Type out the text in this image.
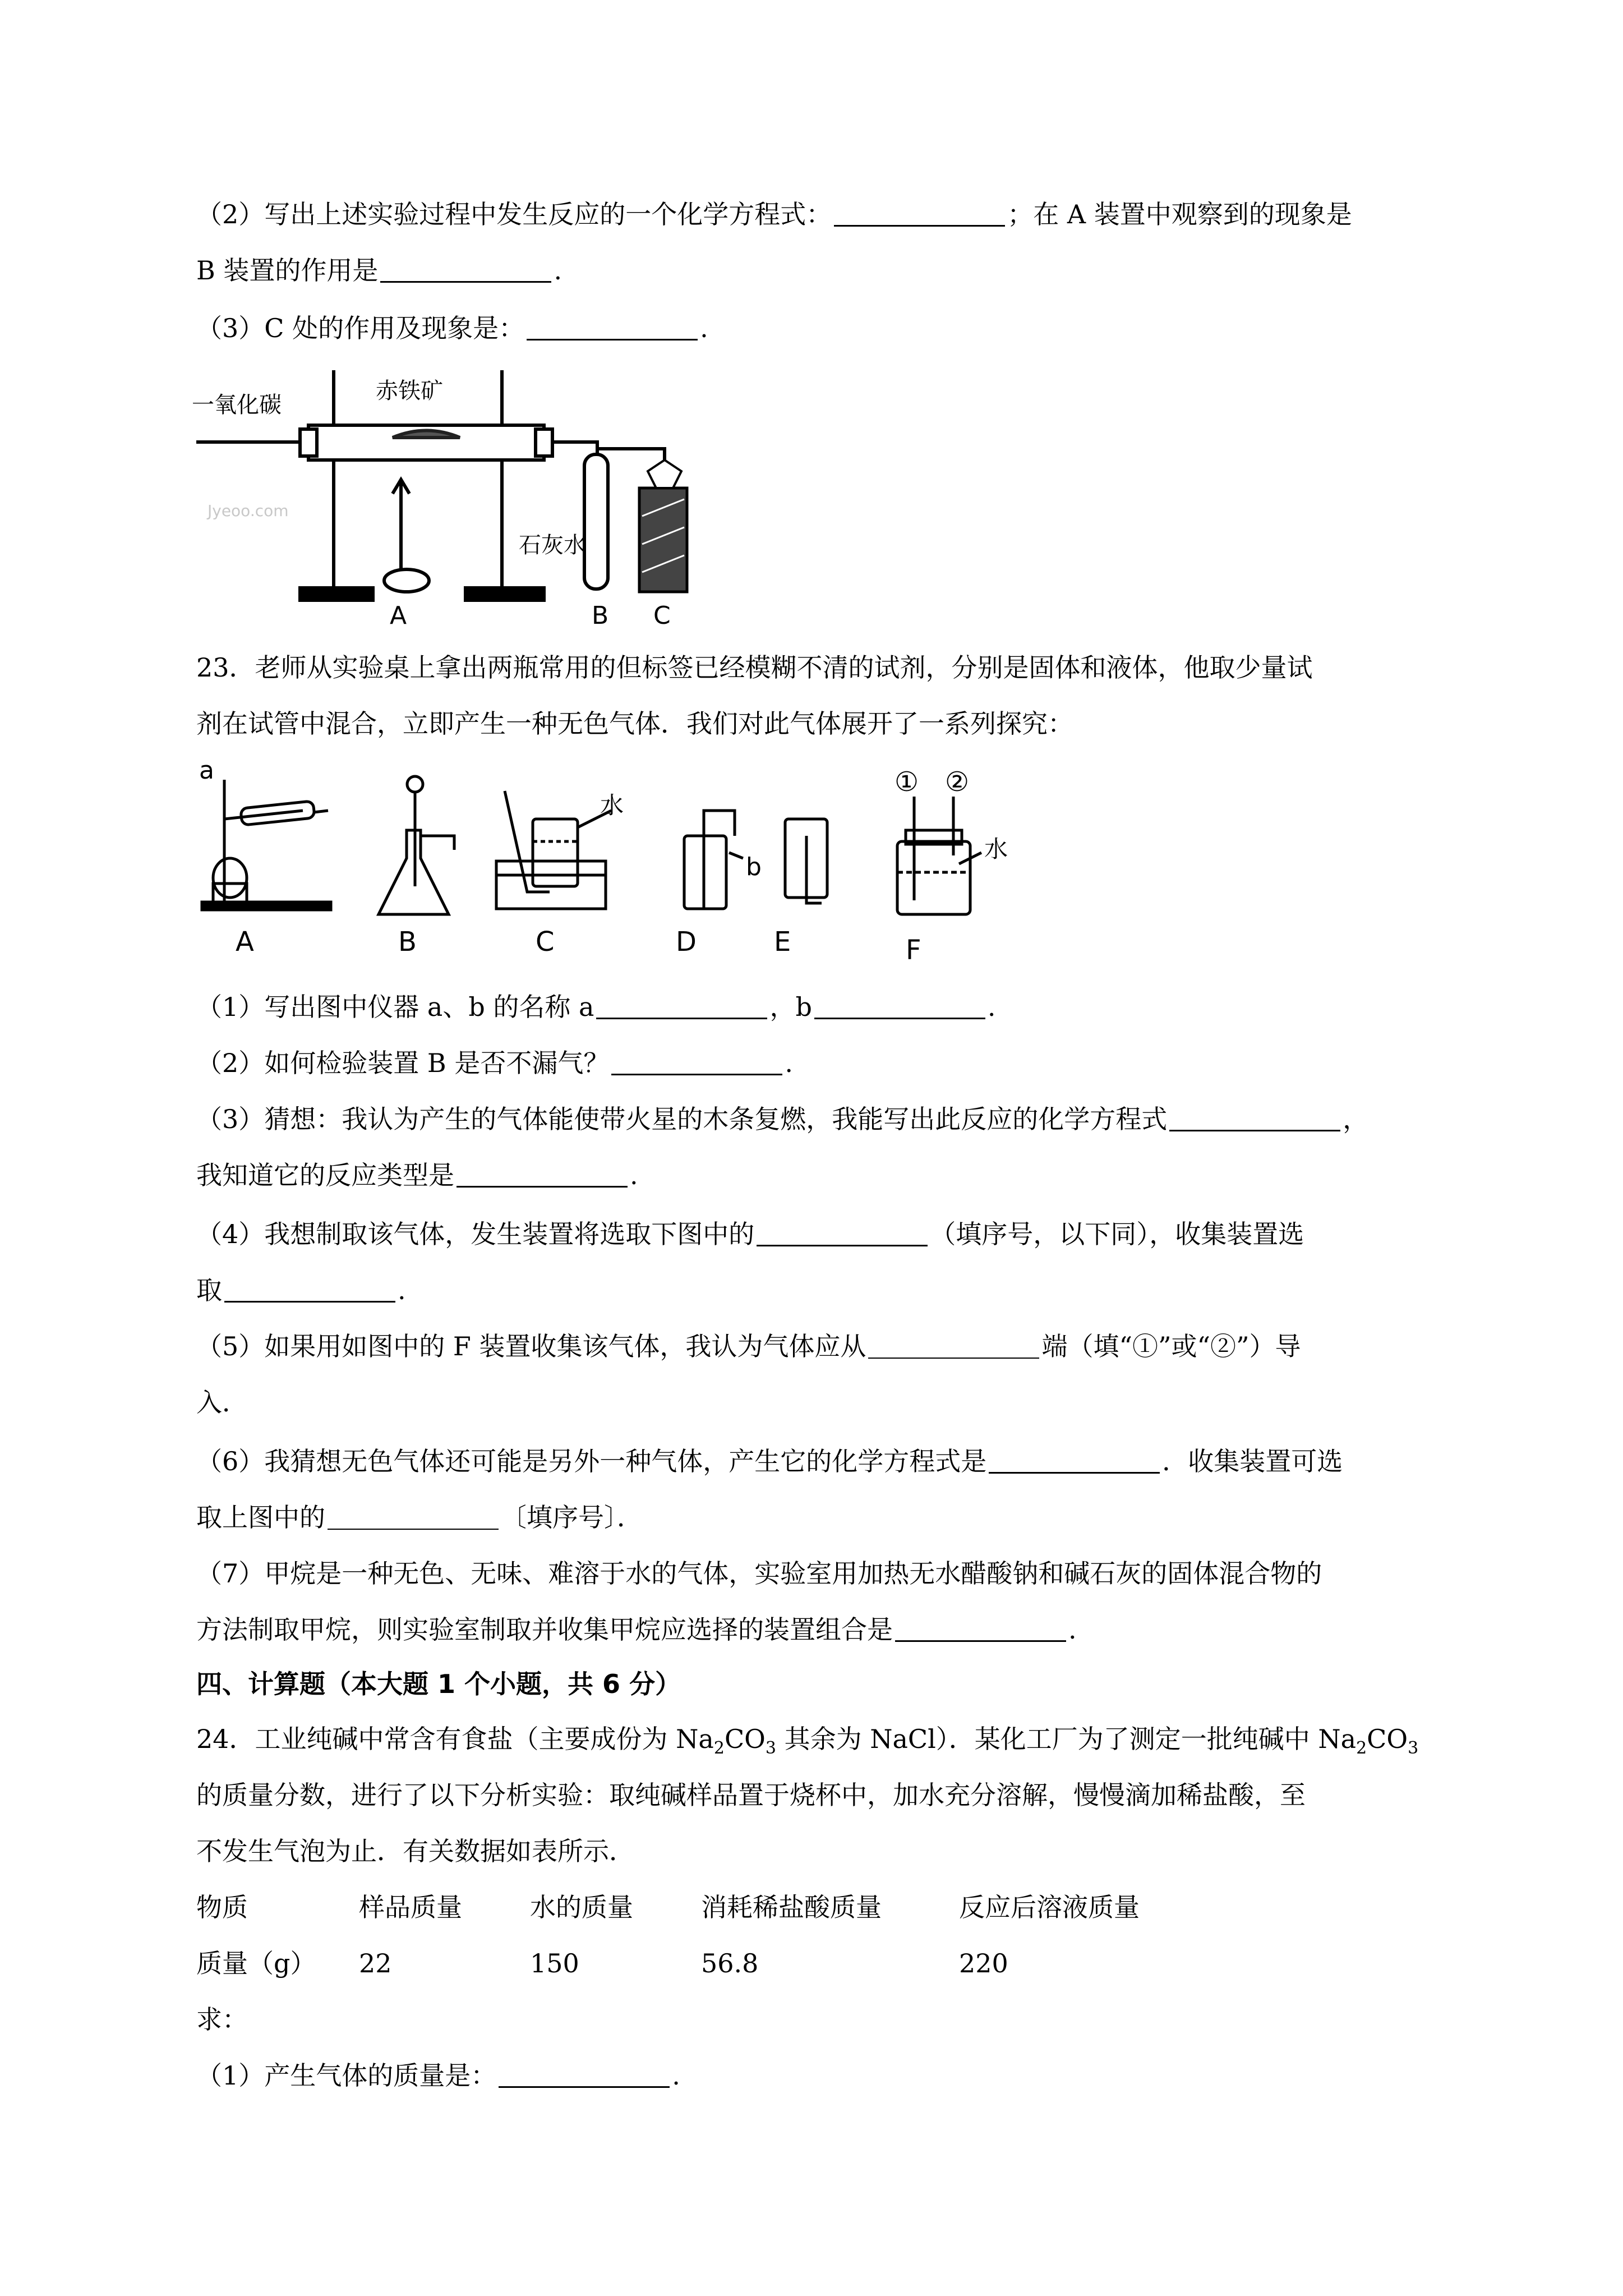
（2）写出上述实验过程中发生反应的一个化学方程式：	；在 A 装置中观察到的现象是
B 装置的作用是	.
（3）C 处的作用及现象是：	.
一氧化碳
赤铁矿
石灰水
Jyeoo.com
A	B C
23．老师从实验桌上拿出两瓶常用的但标签已经模糊不清的试剂，分别是固体和液体，他取少量试
剂在试管中混合，立即产生一种无色气体．我们对此气体展开了一系列探究：
a
b
水
水
① ②
A	B	C	D	E	F
（1）写出图中仪器 a、b 的名称 a	，b	.
（2）如何检验装置 B 是否不漏气？	.
（3）猜想：我认为产生的气体能使带火星的木条复燃，我能写出此反应的化学方程式	，
我知道它的反应类型是	.
（4）我想制取该气体，发生装置将选取下图中的	（填序号，以下同），收集装置选
取	.
（5）如果用如图中的 F 装置收集该气体，我认为气体应从	端（填“①”或“②”）导
入．
（6）我猜想无色气体还可能是另外一种气体，产生它的化学方程式是	．收集装置可选
取上图中的	〔填序号〕．
（7）甲烷是一种无色、无味、难溶于水的气体，实验室用加热无水醋酸钠和碱石灰的固体混合物的
方法制取甲烷，则实验室制取并收集甲烷应选择的装置组合是	.
四、计算题（本大题 1 个小题，共 6 分）
24．工业纯碱中常含有食盐（主要成份为 $Na_2CO_3$ 其余为 NaCl）．某化工厂为了测定一批纯碱中 $Na_2CO_3$
的质量分数，进行了以下分析实验：取纯碱样品置于烧杯中，加水充分溶解，慢慢滴加稀盐酸，至
不发生气泡为止．有关数据如表所示．
物质	样品质量	水的质量	消耗稀盐酸质量	反应后溶液质量
质量（g） 22	150	56.8	220
求：
（1）产生气体的质量是：	.
